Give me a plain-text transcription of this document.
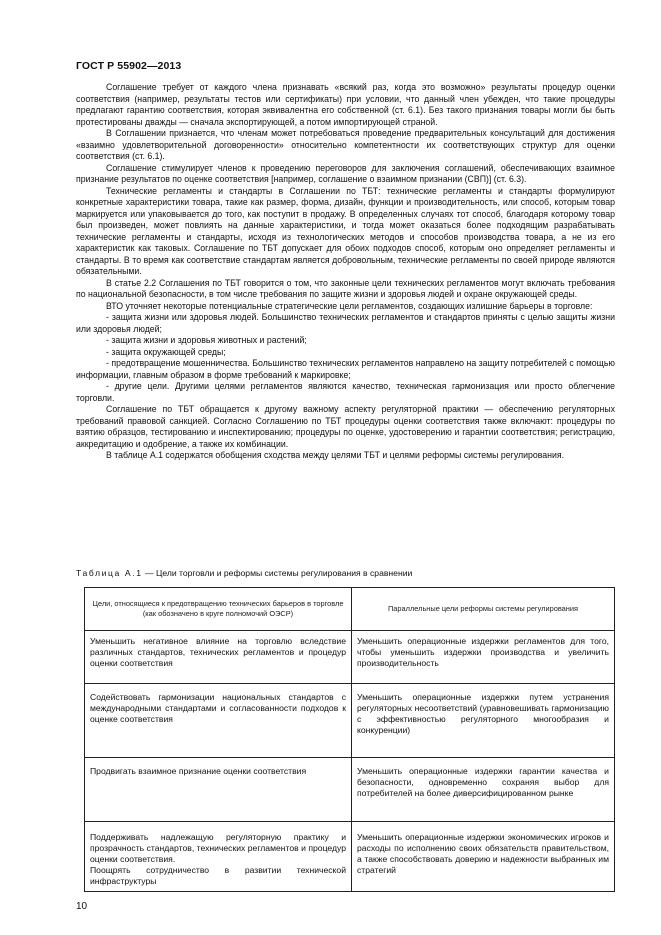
ГОСТ Р 55902—2013

Соглашение требует от каждого члена признавать «всякий раз, когда это возможно» результаты процедур оценки соответствия (например, результаты тестов или сертификаты) при условии, что данный член убежден, что такие процедуры предлагают гарантию соответствия, которая эквивалентна его собственной (ст. 6.1). Без такого признания товары могли бы быть протестированы дважды — сначала экспортирующей, а потом импортирующей страной.

В Соглашении признается, что членам может потребоваться проведение предварительных консультаций для достижения «взаимно удовлетворительной договоренности» относительно компетентности их соответствующих структур для оценки соответствия (ст. 6.1).

Соглашение стимулирует членов к проведению переговоров для заключения соглашений, обеспечивающих взаимное признание результатов по оценке соответствия [например, соглашение о взаимном признании (СВП)] (ст. 6.3).

Технические регламенты и стандарты в Соглашении по ТБТ: технические регламенты и стандарты формулируют конкретные характеристики товара, такие как размер, форма, дизайн, функции и производительность, или способ, которым товар маркируется или упаковывается до того, как поступит в продажу. В определенных случаях тот способ, благодаря которому товар был произведен, может повлиять на данные характеристики, и тогда может оказаться более подходящим разрабатывать технические регламенты и стандарты, исходя из технологических методов и способов производства товара, а не из его характеристик как таковых. Соглашение по ТБТ допускает для обоих подходов способ, которым оно определяет регламенты и стандарты. В то время как соответствие стандартам является добровольным, технические регламенты по своей природе являются обязательными.

В статье 2.2 Соглашения по ТБТ говорится о том, что законные цели технических регламентов могут включать требования по национальной безопасности, в том числе требования по защите жизни и здоровья людей и охране окружающей среды.

ВТО уточняет некоторые потенциальные стратегические цели регламентов, создающих излишние барьеры в торговле:

- защита жизни или здоровья людей. Большинство технических регламентов и стандартов приняты с целью защиты жизни или здоровья людей;

- защита жизни и здоровья животных и растений;

- защита окружающей среды;

- предотвращение мошенничества. Большинство технических регламентов направлено на защиту потребителей с помощью информации, главным образом в форме требований к маркировке;

- другие цели. Другими целями регламентов являются качество, техническая гармонизация или просто облегчение торговли.

Соглашение по ТБТ обращается к другому важному аспекту регуляторной практики — обеспечению регуляторных требований правовой санкцией. Согласно Соглашению по ТБТ процедуры оценки соответствия также включают: процедуры по взятию образцов, тестированию и инспектированию; процедуры по оценке, удостоверению и гарантии соответствия; регистрацию, аккредитацию и одобрение, а также их комбинации.

В таблице А.1 содержатся обобщения сходства между целями ТБТ и целями реформы системы регулирования.

Таблица А.1 — Цели торговли и реформы системы регулирования в сравнении
Цели, относящиеся к предотвращению технических барьеров в торговле (как обозначено в круге полномочий ОЭСР)	Параллельные цели реформы системы регулирования
Уменьшить негативное влияние на торговлю вследствие различных стандартов, технических регламентов и процедур оценки соответствия	Уменьшить операционные издержки регламентов для того, чтобы уменьшить издержки производства и увеличить производительность
Содействовать гармонизации национальных стандартов с международными стандартами и согласованности подходов к оценке соответствия	Уменьшить операционные издержки путем устранения регуляторных несоответствий (уравновешивать гармонизацию с эффективностью регуляторного многообразия и конкуренции)
Продвигать взаимное признание оценки соответствия	Уменьшить операционные издержки гарантии качества и безопасности, одновременно сохраняя выбор для потребителей на более диверсифицированном рынке

Поддерживать надлежащую регуляторную практику и прозрачность стандартов, технических регламентов и процедур оценки соответствия.
Поощрять сотрудничество в развитии технической инфраструктуры	Уменьшить операционные издержки экономических игроков и расходы по исполнению своих обязательств правительством, а также способствовать доверию и надежности выбранных им стратегий
10
